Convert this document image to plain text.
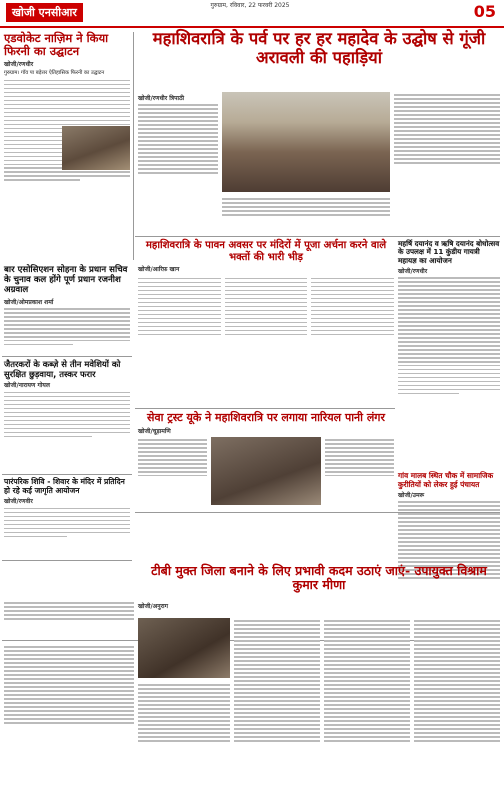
खोजी एनसीआर
गुरुग्राम, रविवार, 22 फरवरी 2025	05
एडवोकेट नाज़िम ने किया फिरनी का उद्घाटन
खोजी/रणधीर
गुरुग्राम। गाँव पा बड़ेत्तर ऐतिहासिक फिरनी का उद्घाटन
बार एसोसिएशन सोहना के प्रधान सचिव के चुनाव कल होंगे पूर्ण प्रधान रजनीश अग्रवाल
खोजी/ओमप्रकाश शर्मा
जैतरकरों के कब्ज़े से तीन मवेशियों को सुरक्षित छुड़वाया, तस्कर फरार
खोजी/नारायण गोयल
पारंपरिक शिवि - शिवार के मंदिर में प्रतिदिन हो रहे कई जागृति आयोजन
खोजी/रणवीर
महाशिवरात्रि के पर्व पर हर हर महादेव के उद्घोष से गूंजी अरावली की पहाड़ियां
खोजी/रणधीर त्रिपाठी
महाशिवरात्रि के पावन अवसर पर मंदिरों में पूजा अर्चना करने वाले भक्तों की भारी भीड़
खोजी/आरिफ़ खान
महर्षि दयानंद व ऋषि दयानंद बोधोत्सव के उपलक्ष में 11 कुंडीय गायत्री महायज्ञ का आयोजन
खोजी/रणधीर
सेवा ट्रस्ट यूके ने महाशिवरात्रि पर लगाया नारियल पानी लंगर
खोजी/चूड़ामणि
गांव मालब स्थित चौक में सामाजिक कुरीतियों को लेकर हुई पंचायत
खोजी/उमरू
टीबी मुक्त जिला बनाने के लिए प्रभावी कदम उठाएं जाएं- उपायुक्त विश्राम कुमार मीणा
खोजी/अनुराग
